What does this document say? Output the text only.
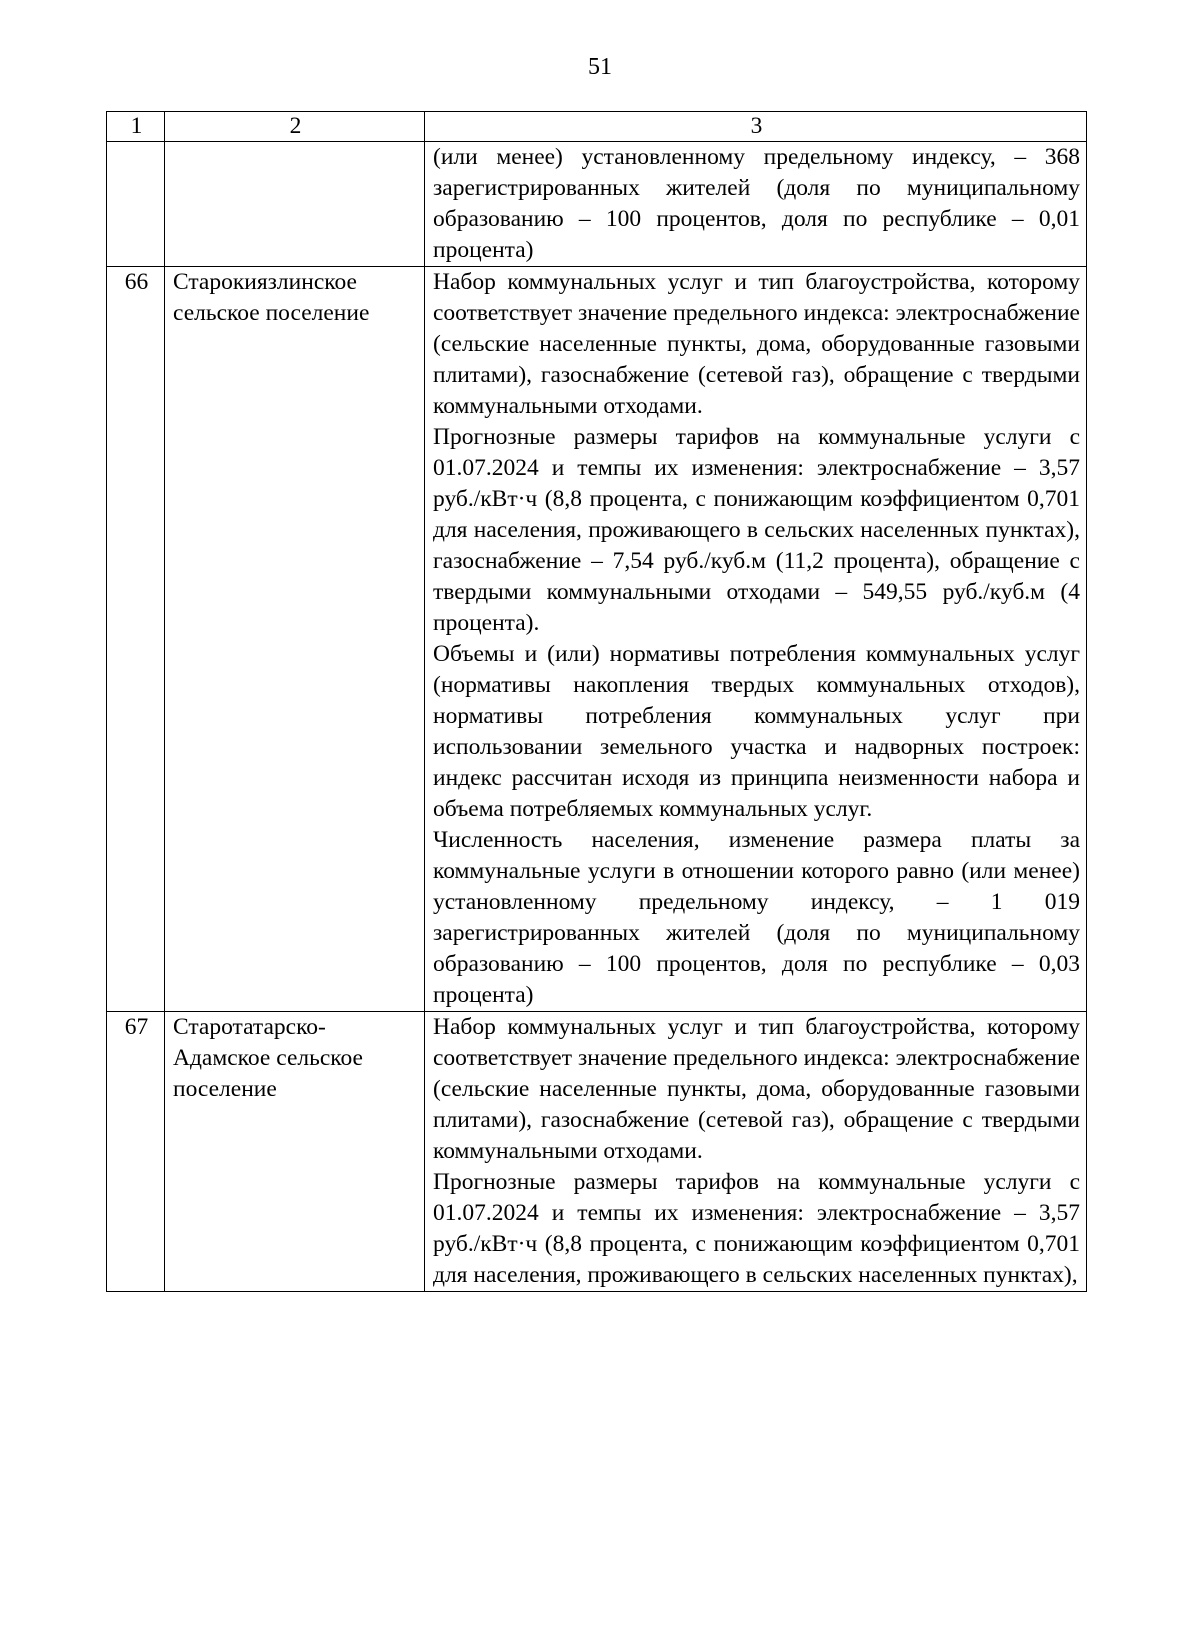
51
1	2	3

		(или менее) установленному предельному индексу, – 368 зарегистрированных жителей (доля по муниципальному образованию – 100 процентов, доля по республике – 0,01 процента)

66	Старокиязлинское сельское поселение	Набор коммунальных услуг и тип благоустройства, которому соответствует значение предельного индекса: электроснабжение (сельские населенные пункты, дома, оборудованные газовыми плитами), газоснабжение (сетевой газ), обращение с твердыми коммунальными отходами.

Прогнозные размеры тарифов на коммунальные услуги с 01.07.2024 и темпы их изменения: электроснабжение – 3,57 руб./кВт·ч (8,8 процента, с понижающим коэффициентом 0,701 для населения, проживающего в сельских населенных пунктах), газоснабжение – 7,54 руб./куб.м (11,2 процента), обращение с твердыми коммунальными отходами – 549,55 руб./куб.м (4 процента).

Объемы и (или) нормативы потребления коммунальных услуг (нормативы накопления твердых коммунальных отходов), нормативы потребления коммунальных услуг при использовании земельного участка и надворных построек: индекс рассчитан исходя из принципа неизменности набора и объема потребляемых коммунальных услуг.

Численность населения, изменение размера платы за коммунальные услуги в отношении которого равно (или менее) установленному предельному индексу, – 1 019 зарегистрированных жителей (доля по муниципальному образованию – 100 процентов, доля по республике – 0,03 процента)

67	Старотатарско-Адамское сельское поселение	Набор коммунальных услуг и тип благоустройства, которому соответствует значение предельного индекса: электроснабжение (сельские населенные пункты, дома, оборудованные газовыми плитами), газоснабжение (сетевой газ), обращение с твердыми коммунальными отходами.

Прогнозные размеры тарифов на коммунальные услуги с 01.07.2024 и темпы их изменения: электроснабжение – 3,57 руб./кВт·ч (8,8 процента, с понижающим коэффициентом 0,701 для населения, проживающего в сельских населенных пунктах),
